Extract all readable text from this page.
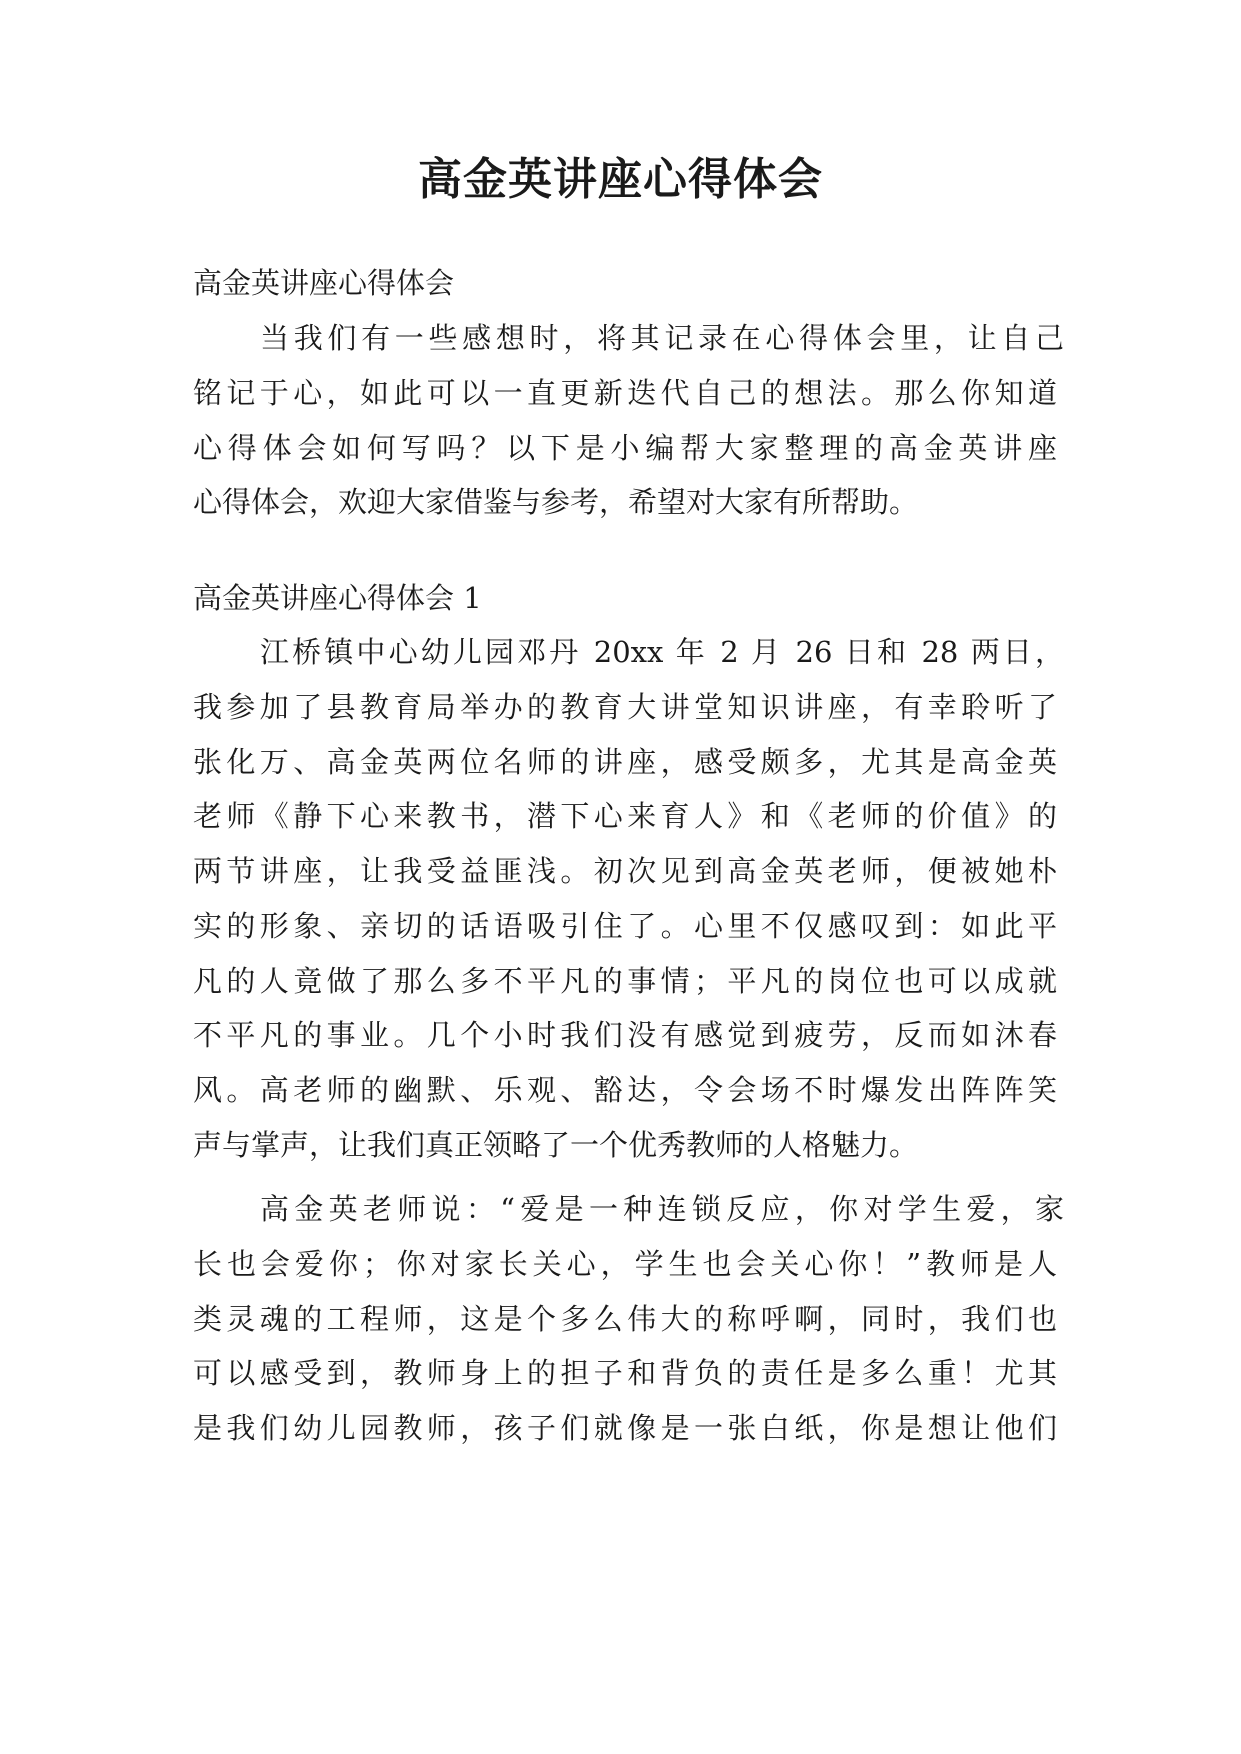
高金英讲座心得体会
高金英讲座心得体会
当我们有一些感想时，将其记录在心得体会里，让自己
铭记于心，如此可以一直更新迭代自己的想法。那么你知道
心得体会如何写吗？以下是小编帮大家整理的高金英讲座
心得体会，欢迎大家借鉴与参考，希望对大家有所帮助。
高金英讲座心得体会 1
江桥镇中心幼儿园邓丹 20xx 年 2 月 26 日和 28 两日，
我参加了县教育局举办的教育大讲堂知识讲座，有幸聆听了
张化万、高金英两位名师的讲座，感受颇多，尤其是高金英
老师《静下心来教书，潜下心来育人》和《老师的价值》的
两节讲座，让我受益匪浅。初次见到高金英老师，便被她朴
实的形象、亲切的话语吸引住了。心里不仅感叹到：如此平
凡的人竟做了那么多不平凡的事情；平凡的岗位也可以成就
不平凡的事业。几个小时我们没有感觉到疲劳，反而如沐春
风。高老师的幽默、乐观、豁达，令会场不时爆发出阵阵笑
声与掌声，让我们真正领略了一个优秀教师的人格魅力。
高金英老师说：“爱是一种连锁反应，你对学生爱，家
长也会爱你；你对家长关心，学生也会关心你！”教师是人
类灵魂的工程师，这是个多么伟大的称呼啊，同时，我们也
可以感受到，教师身上的担子和背负的责任是多么重！尤其
是我们幼儿园教师，孩子们就像是一张白纸，你是想让他们
